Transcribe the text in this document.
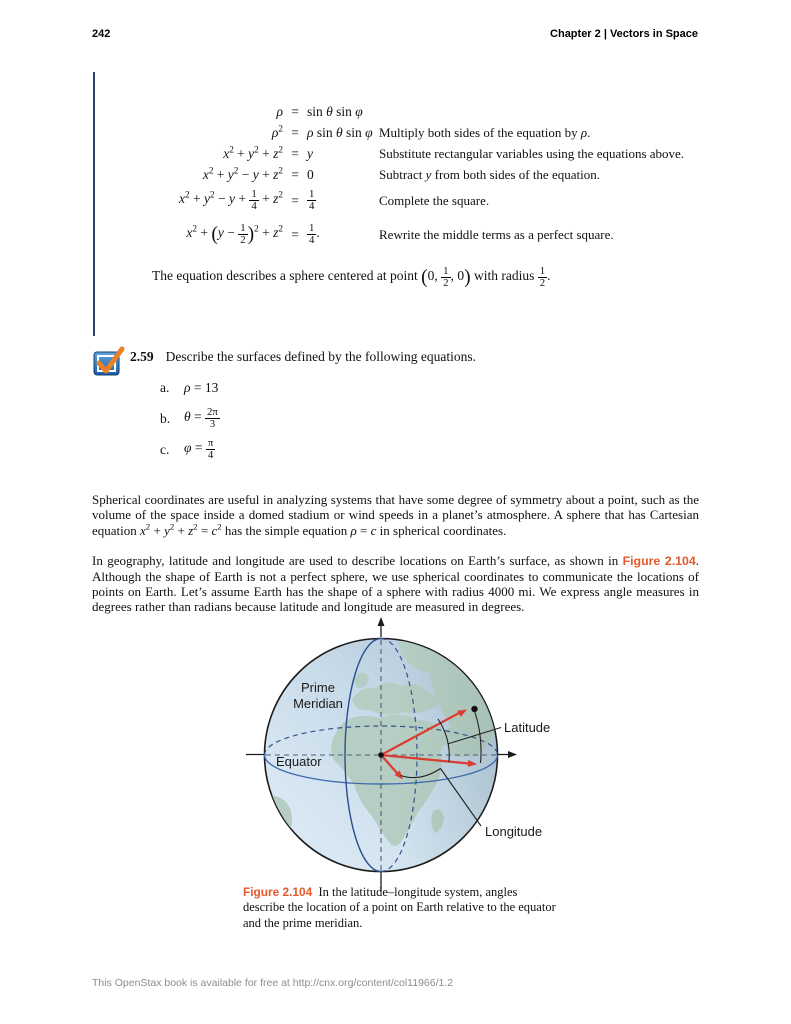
242	Chapter 2 | Vectors in Space
ρ = sin θ sin φ
$\rho^2 = \rho$ sin θ sin φ Multiply both sides of the equation by ρ.
$x^2 + y^2 + z^2 = y$	Substitute rectangular variables using the equations above.
$x^2 + y^2 - y + z^2 = 0$	Subtract y from both sides of the equation.
$x^2 + y^2 - y + \frac{1}{4} + z^2 = \frac{1}{4}$	Complete the square.
$x^2 + (y - \frac{1}{2} )^2 + z^2 = \frac{1}{4}$ .	Rewrite the middle terms as a perfect square.
The equation describes a sphere centered at point (0, $\frac{1}{2}$ , 0) with radius $\frac{1}{2}$ .
2.59 Describe the surfaces defined by the following equations.
a.	ρ = 13
b.	$\theta = \frac{2\pi}{3}$
c.	$\varphi = \frac{\pi}{4}$

Spherical coordinates are useful in analyzing systems that have some degree of symmetry about a point, such as the volume of the space inside a domed stadium or wind speeds in a planet’s atmosphere. A sphere that has Cartesian equation $x^2 + y^2 + z^2 = c^2$ has the simple equation ρ = c in spherical coordinates.

In geography, latitude and longitude are used to describe locations on Earth’s surface, as shown in Figure 2.104. Although the shape of Earth is not a perfect sphere, we use spherical coordinates to communicate the locations of points on Earth. Let’s assume Earth has the shape of a sphere with radius 4000 mi. We express angle measures in degrees rather than radians because latitude and longitude are measured in degrees.

Prime
Meridian
Equator
Latitude
Longitude
Figure 2.104  In the latitude–longitude system, angles describe the location of a point on Earth relative to the equator and the prime meridian.
This OpenStax book is available for free at http://cnx.org/content/col11966/1.2
